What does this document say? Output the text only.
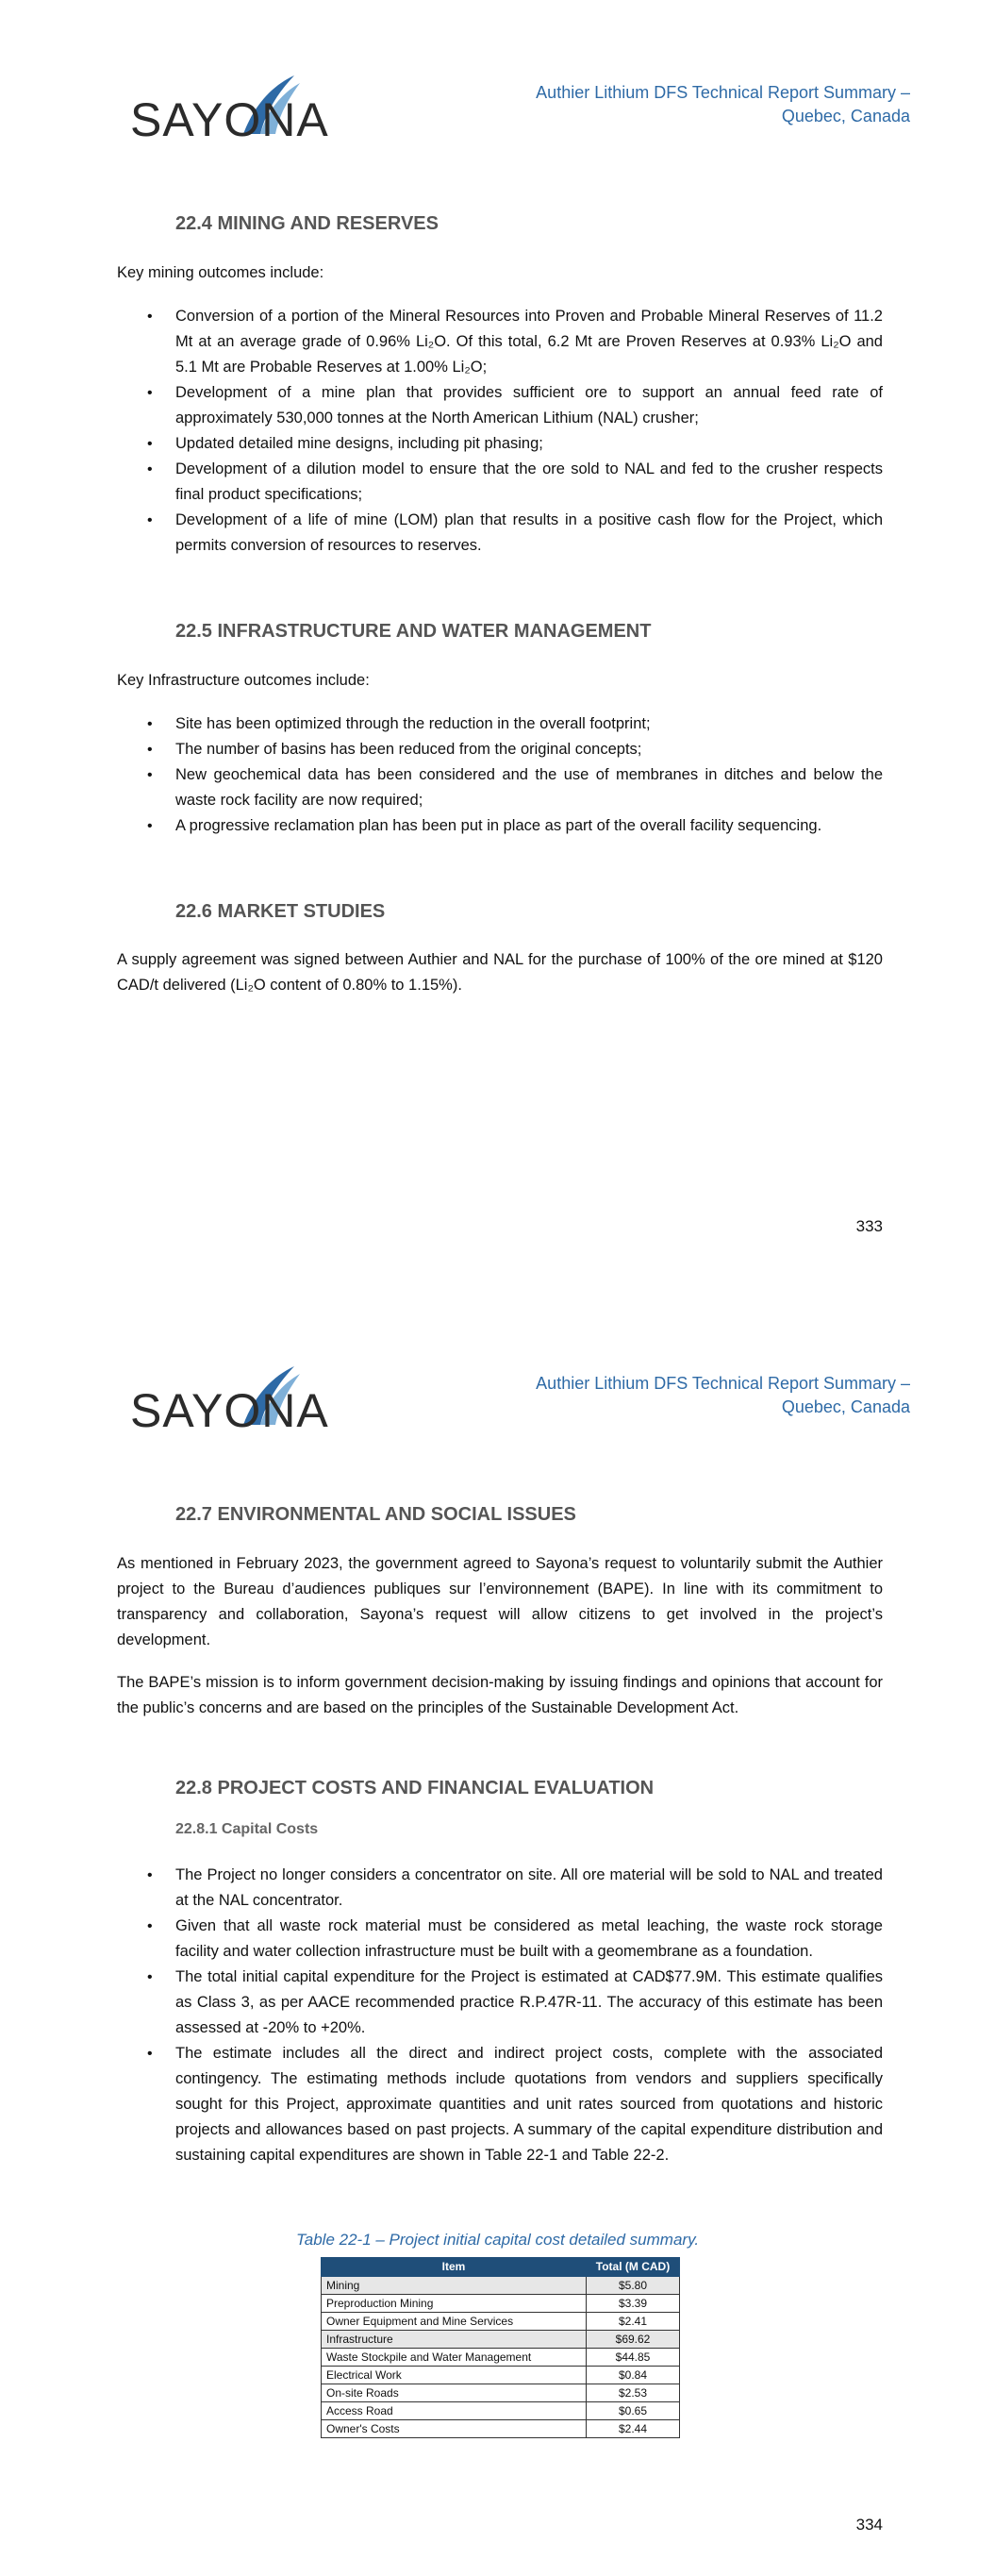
SAYONA
Authier Lithium DFS Technical Report Summary –
Quebec, Canada
22.4 MINING AND RESERVES
Key mining outcomes include:
• Conversion of a portion of the Mineral Resources into Proven and Probable Mineral Reserves of 11.2 Mt at an average grade of 0.96% Li₂O. Of this total, 6.2 Mt are Proven Reserves at 0.93% Li₂O and 5.1 Mt are Probable Reserves at 1.00% Li₂O;
• Development of a mine plan that provides sufficient ore to support an annual feed rate of approximately 530,000 tonnes at the North American Lithium (NAL) crusher;
• Updated detailed mine designs, including pit phasing;
• Development of a dilution model to ensure that the ore sold to NAL and fed to the crusher respects final product specifications;
• Development of a life of mine (LOM) plan that results in a positive cash flow for the Project, which permits conversion of resources to reserves.
22.5 INFRASTRUCTURE AND WATER MANAGEMENT
Key Infrastructure outcomes include:
• Site has been optimized through the reduction in the overall footprint;
• The number of basins has been reduced from the original concepts;
• New geochemical data has been considered and the use of membranes in ditches and below the waste rock facility are now required;
• A progressive reclamation plan has been put in place as part of the overall facility sequencing.
22.6 MARKET STUDIES
A supply agreement was signed between Authier and NAL for the purchase of 100% of the ore mined at $120 CAD/t delivered (Li₂O content of 0.80% to 1.15%).
333
SAYONA
Authier Lithium DFS Technical Report Summary –
Quebec, Canada
22.7 ENVIRONMENTAL AND SOCIAL ISSUES
As mentioned in February 2023, the government agreed to Sayona’s request to voluntarily submit the Authier project to the Bureau d’audiences publiques sur l’environnement (BAPE). In line with its commitment to transparency and collaboration, Sayona’s request will allow citizens to get involved in the project’s development.
The BAPE’s mission is to inform government decision-making by issuing findings and opinions that account for the public’s concerns and are based on the principles of the Sustainable Development Act.
22.8 PROJECT COSTS AND FINANCIAL EVALUATION
22.8.1 Capital Costs
• The Project no longer considers a concentrator on site. All ore material will be sold to NAL and treated at the NAL concentrator.
• Given that all waste rock material must be considered as metal leaching, the waste rock storage facility and water collection infrastructure must be built with a geomembrane as a foundation.
• The total initial capital expenditure for the Project is estimated at CAD$77.9M. This estimate qualifies as Class 3, as per AACE recommended practice R.P.47R-11. The accuracy of this estimate has been assessed at -20% to +20%.
• The estimate includes all the direct and indirect project costs, complete with the associated contingency. The estimating methods include quotations from vendors and suppliers specifically sought for this Project, approximate quantities and unit rates sourced from quotations and historic projects and allowances based on past projects. A summary of the capital expenditure distribution and sustaining capital expenditures are shown in Table 22-1 and Table 22-2.
Table 22-1 – Project initial capital cost detailed summary.
Item	Total (M CAD)
Mining	$5.80
Preproduction Mining	$3.39
Owner Equipment and Mine Services	$2.41
Infrastructure	$69.62
Waste Stockpile and Water Management	$44.85
Electrical Work	$0.84
On-site Roads	$2.53
Access Road	$0.65
Owner's Costs	$2.44
334
